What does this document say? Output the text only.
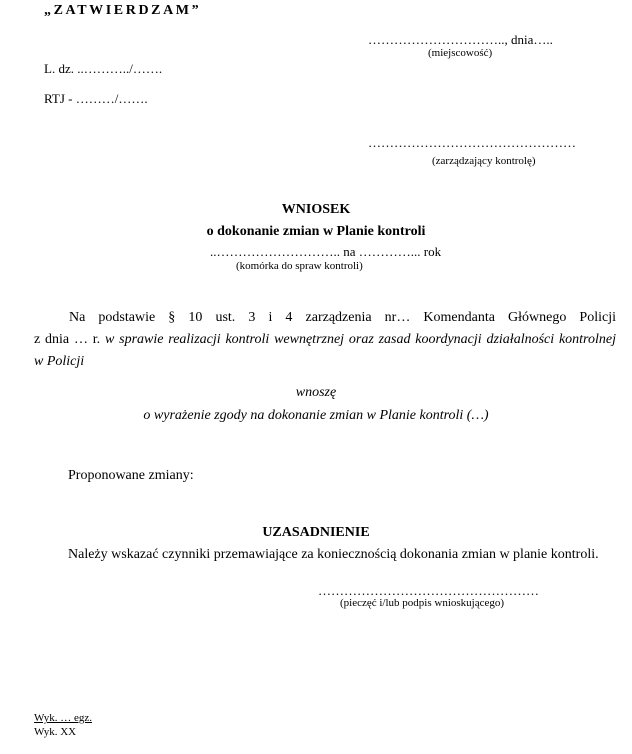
„ZATWIERDZAM”
………………………….., dnia…..
(miejscowość)
L. dz. ..………../…….
RTJ - ………/…….
…………………………………………
(zarządzający kontrolę)
WNIOSEK
o dokonanie zmian w Planie kontroli
..……………………….. na …………... rok
(komórka do spraw kontroli)
Na podstawie § 10 ust. 3 i 4 zarządzenia nr… Komendanta Głównego Policji
z dnia … r. w sprawie realizacji kontroli wewnętrznej oraz zasad koordynacji działalności kontrolnej
w Policji
wnoszę
o wyrażenie zgody na dokonanie zmian w Planie kontroli (…)
Proponowane zmiany:
UZASADNIENIE
Należy wskazać czynniki przemawiające za koniecznością dokonania zmian w planie kontroli.
……………………………………………
(pieczęć i/lub podpis wnioskującego)
Wyk. … egz.
Wyk. XX
